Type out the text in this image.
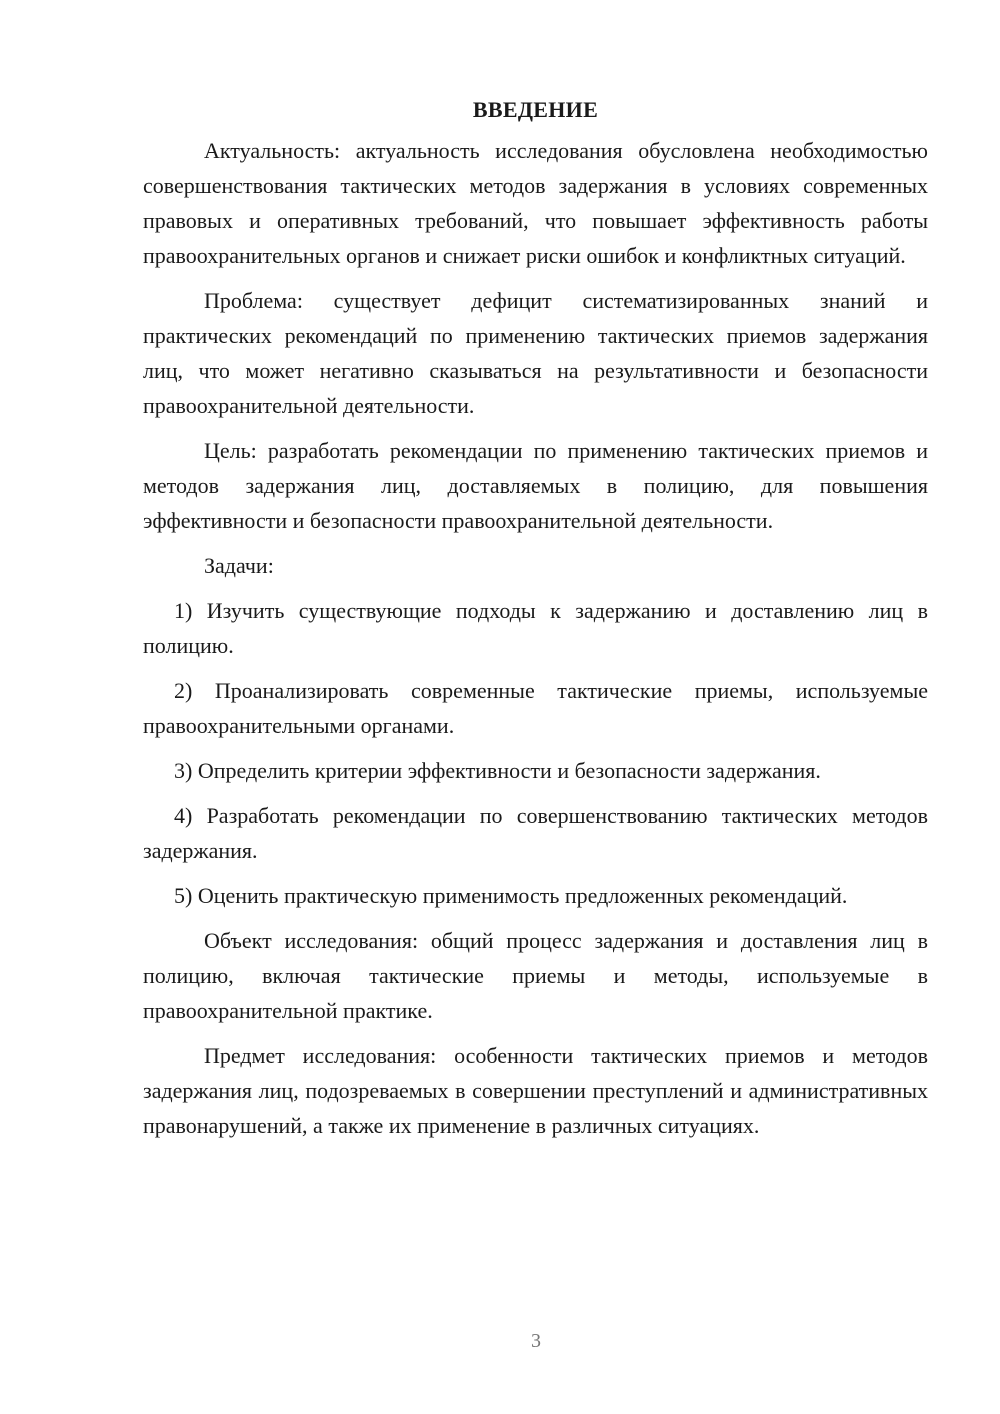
ВВЕДЕНИЕ

Актуальность: актуальность исследования обусловлена необходимостью совершенствования тактических методов задержания в условиях современных правовых и оперативных требований, что повышает эффективность работы правоохранительных органов и снижает риски ошибок и конфликтных ситуаций.

Проблема: существует дефицит систематизированных знаний и практических рекомендаций по применению тактических приемов задержания лиц, что может негативно сказываться на результативности и безопасности правоохранительной деятельности.

Цель: разработать рекомендации по применению тактических приемов и методов задержания лиц, доставляемых в полицию, для повышения эффективности и безопасности правоохранительной деятельности.

Задачи:

1) Изучить существующие подходы к задержанию и доставлению лиц в полицию.

2) Проанализировать современные тактические приемы, используемые правоохранительными органами.

3) Определить критерии эффективности и безопасности задержания.

4) Разработать рекомендации по совершенствованию тактических методов задержания.

5) Оценить практическую применимость предложенных рекомендаций.

Объект исследования: общий процесс задержания и доставления лиц в полицию, включая тактические приемы и методы, используемые в правоохранительной практике.

Предмет исследования: особенности тактических приемов и методов задержания лиц, подозреваемых в совершении преступлений и административных правонарушений, а также их применение в различных ситуациях.

3
